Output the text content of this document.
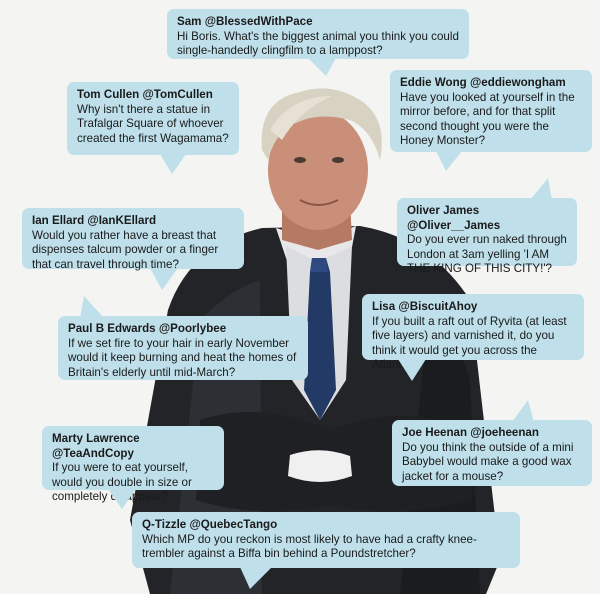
Sam @BlessedWithPace
Hi Boris. What's the biggest animal you think you could single-handedly clingfilm to a lamppost?
Tom Cullen @TomCullen
Why isn't there a statue in Trafalgar Square of whoever created the first Wagamama?
Eddie Wong @eddiewongham
Have you looked at yourself in the mirror before, and for that split second thought you were the Honey Monster?
Ian Ellard @IanKEllard
Would you rather have a breast that dispenses talcum powder or a finger that can travel through time?
Oliver James @Oliver__James
Do you ever run naked through London at 3am yelling 'I AM THE KING OF THIS CITY!'?
Lisa @BiscuitAhoy
If you built a raft out of Ryvita (at least five layers) and varnished it, do you think it would get you across the Atlantic?
Paul B Edwards @Poorlybee
If we set fire to your hair in early November would it keep burning and heat the homes of Britain's elderly until mid-March?
Marty Lawrence @TeaAndCopy
If you were to eat yourself, would you double in size or completely disappear?
Joe Heenan @joeheenan
Do you think the outside of a mini Babybel would make a good wax jacket for a mouse?
Q-Tizzle @QuebecTango
Which MP do you reckon is most likely to have had a crafty knee-trembler against a Biffa bin behind a Poundstretcher?
